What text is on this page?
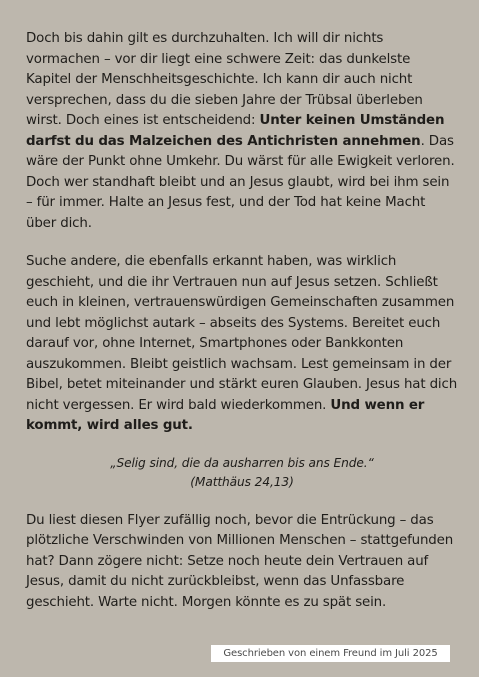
Doch bis dahin gilt es durchzuhalten. Ich will dir nichts vormachen – vor dir liegt eine schwere Zeit: das dunkelste Kapitel der Menschheitsgeschichte. Ich kann dir auch nicht versprechen, dass du die sieben Jahre der Trübsal überleben wirst. Doch eines ist entscheidend: Unter keinen Umständen darfst du das Malzeichen des Antichristen annehmen. Das wäre der Punkt ohne Umkehr. Du wärst für alle Ewigkeit verloren. Doch wer standhaft bleibt und an Jesus glaubt, wird bei ihm sein – für immer. Halte an Jesus fest, und der Tod hat keine Macht über dich.

Suche andere, die ebenfalls erkannt haben, was wirklich geschieht, und die ihr Vertrauen nun auf Jesus setzen. Schließt euch in kleinen, vertrauenswürdigen Gemeinschaften zusammen und lebt möglichst autark – abseits des Systems. Bereitet euch darauf vor, ohne Internet, Smartphones oder Bankkonten auszukommen. Bleibt geistlich wachsam. Lest gemeinsam in der Bibel, betet miteinander und stärkt euren Glauben. Jesus hat dich nicht vergessen. Er wird bald wiederkommen. Und wenn er kommt, wird alles gut.

„Selig sind, die da ausharren bis ans Ende.“
(Matthäus 24,13)

Du liest diesen Flyer zufällig noch, bevor die Entrückung – das plötzliche Verschwinden von Millionen Menschen – stattgefunden hat? Dann zögere nicht: Setze noch heute dein Vertrauen auf Jesus, damit du nicht zurückbleibst, wenn das Unfassbare geschieht. Warte nicht. Morgen könnte es zu spät sein.

Geschrieben von einem Freund im Juli 2025
